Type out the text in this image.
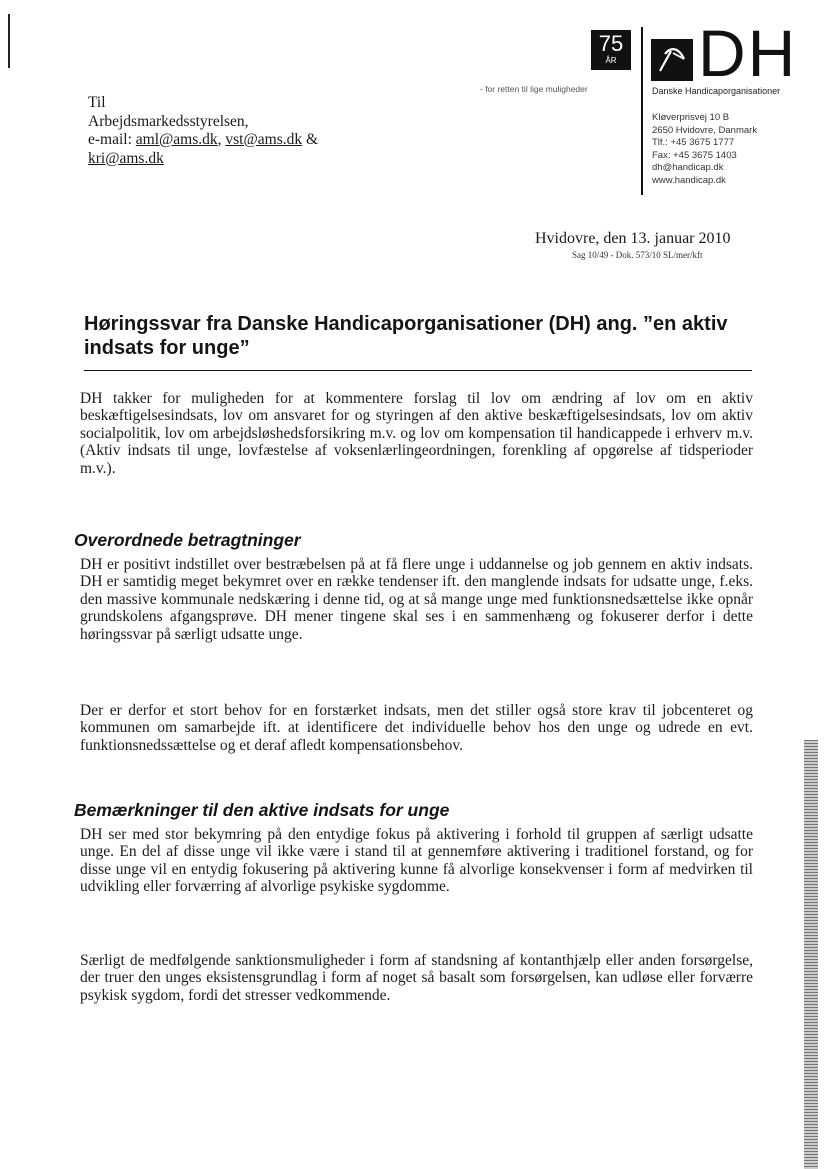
75
ÅR
- for retten til lige muligheder DH
Danske Handicaporganisationer
Kløverprisvej 10 B
2650 Hvidovre, Danmark
Tlf.: +45 3675 1777
Fax: +45 3675 1403
dh@handicap.dk
www.handicap.dk
Til
Arbejdsmarkedsstyrelsen,
e-mail: aml@ams.dk, vst@ams.dk &
kri@ams.dk
Hvidovre, den 13. januar 2010
Sag 10/49 - Dok. 573/10 SL/mer/kft
Høringssvar fra Danske Handicaporganisationer (DH) ang. ”en aktiv indsats for unge”
DH takker for muligheden for at kommentere forslag til lov om ændring af lov om en aktiv beskæftigelsesindsats, lov om ansvaret for og styringen af den aktive beskæftigelsesindsats, lov om aktiv socialpolitik, lov om arbejdsløshedsforsikring m.v. og lov om kompensation til handicappede i erhverv m.v. (Aktiv indsats til unge, lovfæstelse af voksenlærlingeordningen, forenkling af opgørelse af tidsperioder m.v.).
Overordnede betragtninger
DH er positivt indstillet over bestræbelsen på at få flere unge i uddannelse og job gennem en aktiv indsats. DH er samtidig meget bekymret over en række tendenser ift. den manglende indsats for udsatte unge, f.eks. den massive kommunale nedskæring i denne tid, og at så mange unge med funktionsnedsættelse ikke opnår grundskolens afgangsprøve. DH mener tingene skal ses i en sammenhæng og fokuserer derfor i dette høringssvar på særligt udsatte unge.
Der er derfor et stort behov for en forstærket indsats, men det stiller også store krav til jobcenteret og kommunen om samarbejde ift. at identificere det individuelle behov hos den unge og udrede en evt. funktionsnedssættelse og et deraf afledt kompensationsbehov.
Bemærkninger til den aktive indsats for unge
DH ser med stor bekymring på den entydige fokus på aktivering i forhold til gruppen af særligt udsatte unge. En del af disse unge vil ikke være i stand til at gennemføre aktivering i traditionel forstand, og for disse unge vil en entydig fokusering på aktivering kunne få alvorlige konsekvenser i form af medvirken til udvikling eller forværring af alvorlige psykiske sygdomme.
Særligt de medfølgende sanktionsmuligheder i form af standsning af kontanthjælp eller anden forsørgelse, der truer den unges eksistensgrundlag i form af noget så basalt som forsørgelsen, kan udløse eller forværre psykisk sygdom, fordi det stresser vedkommende.
